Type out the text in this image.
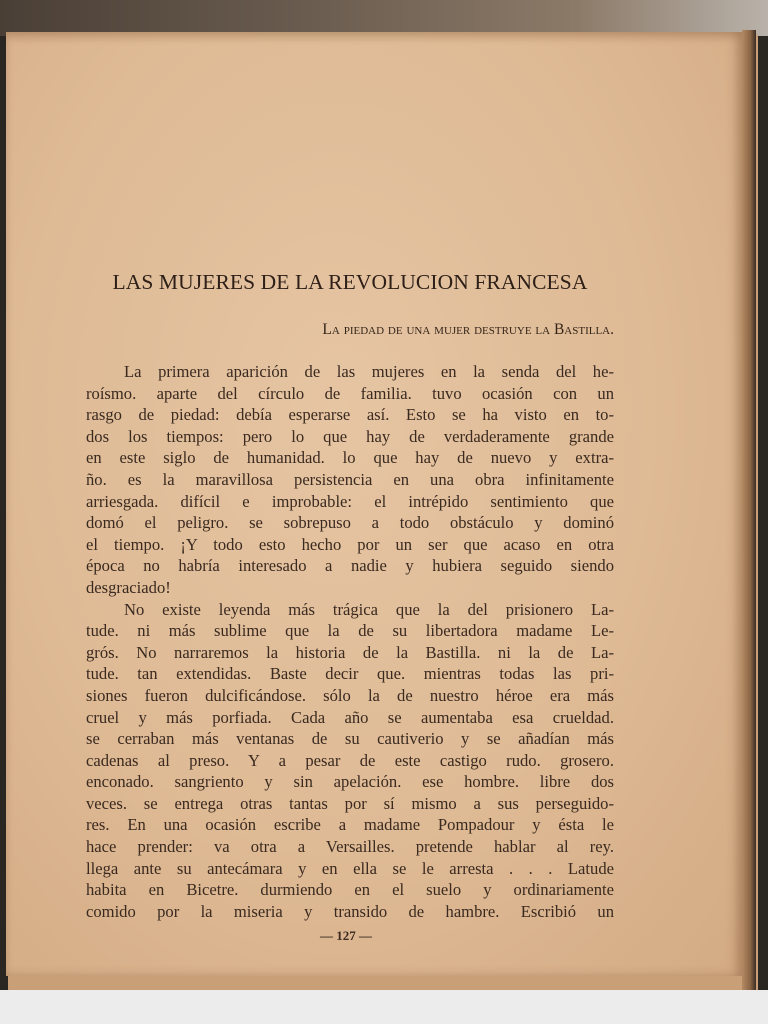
LAS MUJERES DE LA REVOLUCION FRANCESA
La piedad de una mujer destruye la Bastilla.
La primera aparición de las mujeres en la senda del he-
roísmo. aparte del círculo de familia. tuvo ocasión con un
rasgo de piedad: debía esperarse así. Esto se ha visto en to-
dos los tiempos: pero lo que hay de verdaderamente grande
en este siglo de humanidad. lo que hay de nuevo y extra-
ño. es la maravillosa persistencia en una obra infinitamente
arriesgada. difícil e improbable: el intrépido sentimiento que
domó el peligro. se sobrepuso a todo obstáculo y dominó
el tiempo. ¡Y todo esto hecho por un ser que acaso en otra
época no habría interesado a nadie y hubiera seguido siendo
desgraciado!
No existe leyenda más trágica que la del prisionero La-
tude. ni más sublime que la de su libertadora madame Le-
grós. No narraremos la historia de la Bastilla. ni la de La-
tude. tan extendidas. Baste decir que. mientras todas las pri-
siones fueron dulcificándose. sólo la de nuestro héroe era más
cruel y más porfiada. Cada año se aumentaba esa crueldad.
se cerraban más ventanas de su cautiverio y se añadían más
cadenas al preso. Y a pesar de este castigo rudo. grosero.
enconado. sangriento y sin apelación. ese hombre. libre dos
veces. se entrega otras tantas por sí mismo a sus perseguido-
res. En una ocasión escribe a madame Pompadour y ésta le
hace prender: va otra a Versailles. pretende hablar al rey.
llega ante su antecámara y en ella se le arresta . . . Latude
habita en Bicetre. durmiendo en el suelo y ordinariamente
comido por la miseria y transido de hambre. Escribió un
— 127 —
